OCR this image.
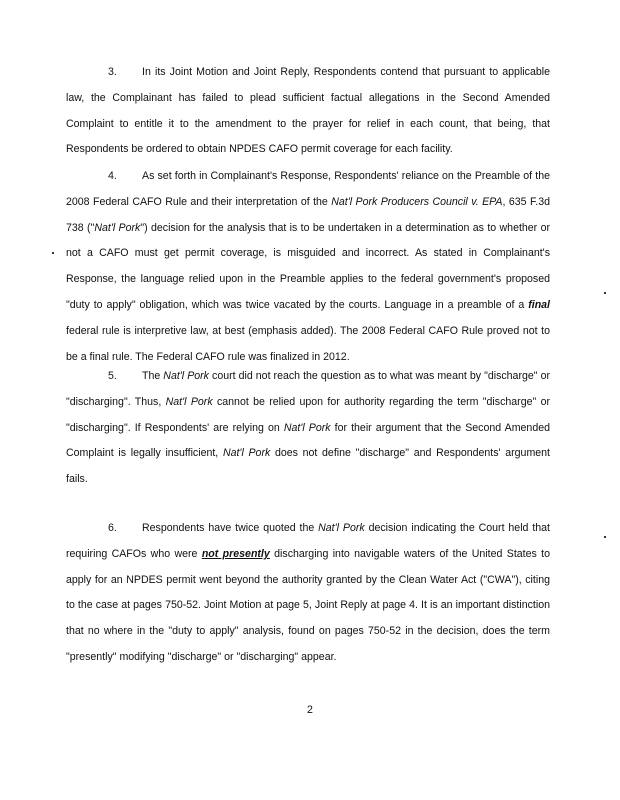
3. In its Joint Motion and Joint Reply, Respondents contend that pursuant to applicable law, the Complainant has failed to plead sufficient factual allegations in the Second Amended Complaint to entitle it to the amendment to the prayer for relief in each count, that being, that Respondents be ordered to obtain NPDES CAFO permit coverage for each facility.

4. As set forth in Complainant's Response, Respondents' reliance on the Preamble of the 2008 Federal CAFO Rule and their interpretation of the Nat'l Pork Producers Council v. EPA, 635 F.3d 738 ("Nat'l Pork") decision for the analysis that is to be undertaken in a determination as to whether or not a CAFO must get permit coverage, is misguided and incorrect. As stated in Complainant's Response, the language relied upon in the Preamble applies to the federal government's proposed "duty to apply" obligation, which was twice vacated by the courts. Language in a preamble of a final federal rule is interpretive law, at best (emphasis added). The 2008 Federal CAFO Rule proved not to be a final rule. The Federal CAFO rule was finalized in 2012.

5. The Nat'l Pork court did not reach the question as to what was meant by "discharge" or "discharging". Thus, Nat'l Pork cannot be relied upon for authority regarding the term "discharge" or "discharging". If Respondents' are relying on Nat'l Pork for their argument that the Second Amended Complaint is legally insufficient, Nat'l Pork does not define "discharge" and Respondents' argument fails.

6. Respondents have twice quoted the Nat'l Pork decision indicating the Court held that requiring CAFOs who were not presently discharging into navigable waters of the United States to apply for an NPDES permit went beyond the authority granted by the Clean Water Act ("CWA"), citing to the case at pages 750-52. Joint Motion at page 5, Joint Reply at page 4. It is an important distinction that no where in the "duty to apply" analysis, found on pages 750-52 in the decision, does the term "presently" modifying "discharge" or "discharging" appear.

2
